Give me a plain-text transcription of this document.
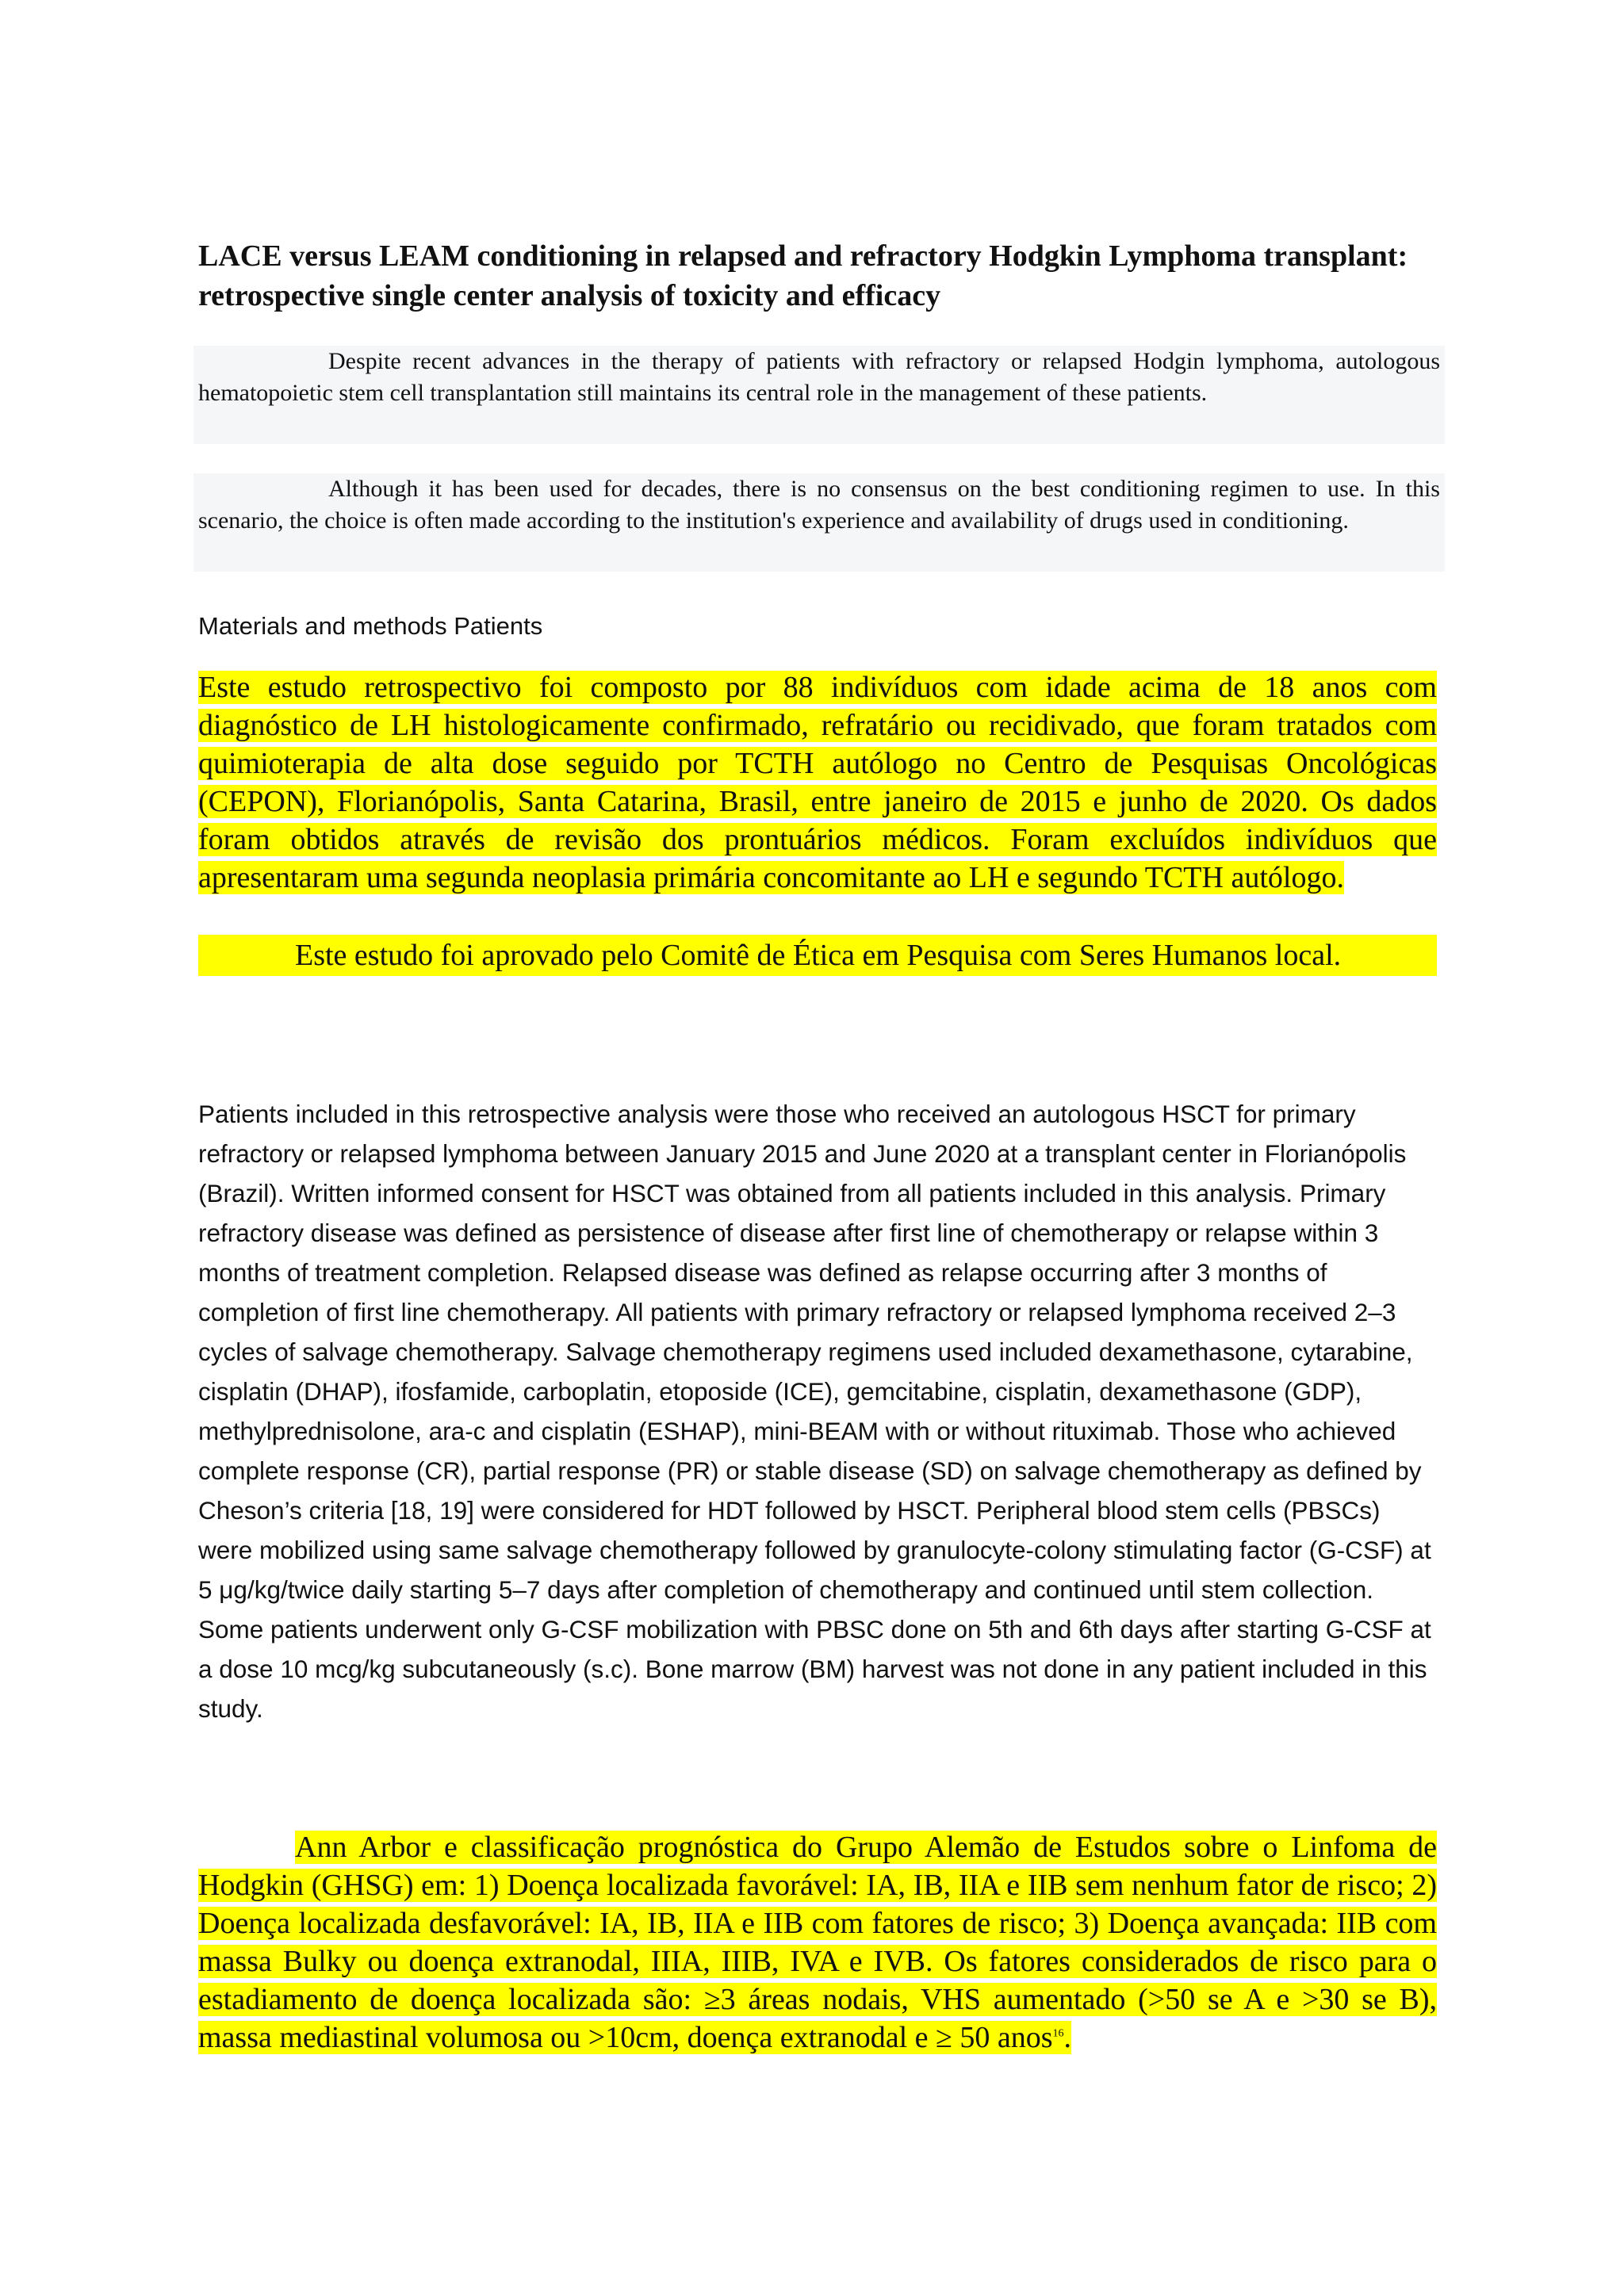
LACE versus LEAM conditioning in relapsed and refractory Hodgkin Lymphoma transplant: retrospective single center analysis of toxicity and efficacy
Despite recent advances in the therapy of patients with refractory or relapsed Hodgin lymphoma, autologous hematopoietic stem cell transplantation still maintains its central role in the management of these patients.
Although it has been used for decades, there is no consensus on the best conditioning regimen to use. In this scenario, the choice is often made according to the institution's experience and availability of drugs used in conditioning.
Materials and methods Patients
Este estudo retrospectivo foi composto por 88 indivíduos com idade acima de 18 anos com diagnóstico de LH histologicamente confirmado, refratário ou recidivado, que foram tratados com quimioterapia de alta dose seguido por TCTH autólogo no Centro de Pesquisas Oncológicas (CEPON), Florianópolis, Santa Catarina, Brasil, entre janeiro de 2015 e junho de 2020. Os dados foram obtidos através de revisão dos prontuários médicos. Foram excluídos indivíduos que apresentaram uma segunda neoplasia primária concomitante ao LH e segundo TCTH autólogo.
Este estudo foi aprovado pelo Comitê de Ética em Pesquisa com Seres Humanos local.
Patients included in this retrospective analysis were those who received an autologous HSCT for primary refractory or relapsed lymphoma between January 2015 and June 2020 at a transplant center in Florianópolis (Brazil). Written informed consent for HSCT was obtained from all patients included in this analysis. Primary refractory disease was defined as persistence of disease after first line of chemotherapy or relapse within 3 months of treatment completion. Relapsed disease was defined as relapse occurring after 3 months of completion of first line chemotherapy. All patients with primary refractory or relapsed lymphoma received 2–3 cycles of salvage chemotherapy. Salvage chemotherapy regimens used included dexamethasone, cytarabine, cisplatin (DHAP), ifosfamide, carboplatin, etoposide (ICE), gemcitabine, cisplatin, dexamethasone (GDP), methylprednisolone, ara-c and cisplatin (ESHAP), mini-BEAM with or without rituximab. Those who achieved complete response (CR), partial response (PR) or stable disease (SD) on salvage chemotherapy as defined by Cheson’s criteria [18, 19] were considered for HDT followed by HSCT. Peripheral blood stem cells (PBSCs) were mobilized using same salvage chemotherapy followed by granulocyte-colony stimulating factor (G-CSF) at 5 μg/kg/twice daily starting 5–7 days after completion of chemotherapy and continued until stem collection. Some patients underwent only G-CSF mobilization with PBSC done on 5th and 6th days after starting G-CSF at a dose 10 mcg/kg subcutaneously (s.c). Bone marrow (BM) harvest was not done in any patient included in this study.
Ann Arbor e classificação prognóstica do Grupo Alemão de Estudos sobre o Linfoma de Hodgkin (GHSG) em: 1) Doença localizada favorável: IA, IB, IIA e IIB sem nenhum fator de risco; 2) Doença localizada desfavorável: IA, IB, IIA e IIB com fatores de risco; 3) Doença avançada: IIB com massa Bulky ou doença extranodal, IIIA, IIIB, IVA e IVB. Os fatores considerados de risco para o estadiamento de doença localizada são: ≥3 áreas nodais, VHS aumentado (>50 se A e >30 se B), massa mediastinal volumosa ou >10cm, doença extranodal e ≥ 50 anos$^{16}$.
